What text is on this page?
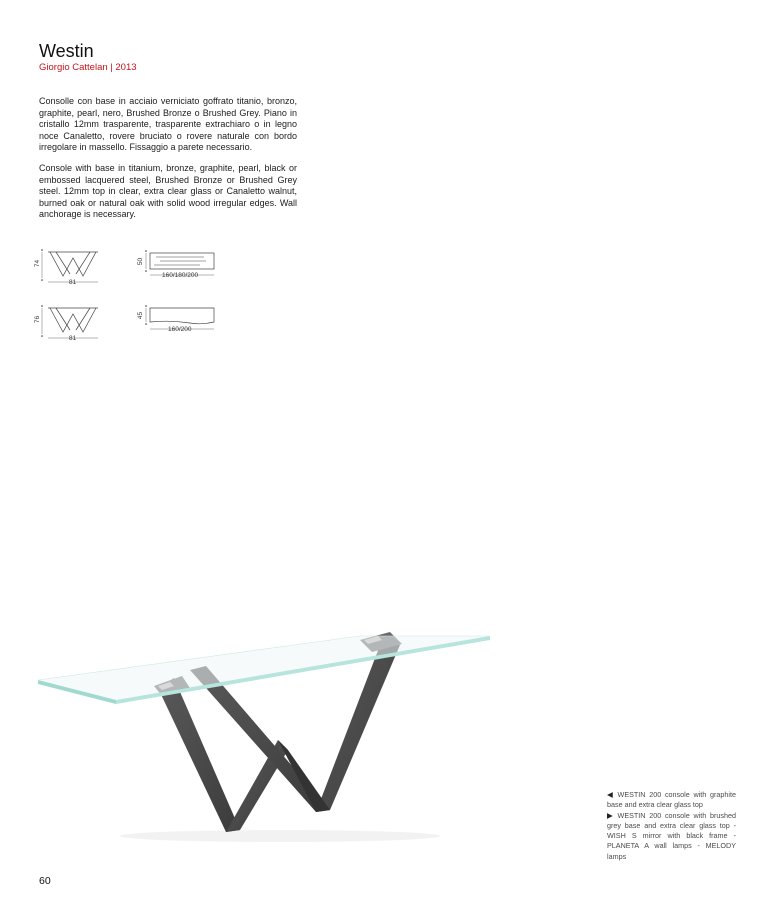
Westin
Giorgio Cattelan | 2013
Consolle con base in acciaio verniciato goffrato titanio, bronzo, graphite, pearl, nero, Brushed Bronze o Brushed Grey. Piano in cristallo 12mm trasparente, trasparente extrachiaro o in legno noce Canaletto, rovere bruciato o rovere naturale con bordo irregolare in massello. Fissaggio a parete necessario.
Console with base in titanium, bronze, graphite, pearl, black or embossed lacquered steel, Brushed Bronze or Brushed Grey steel. 12mm top in clear, extra clear glass or Canaletto walnut, burned oak or natural oak with solid wood irregular edges. Wall anchorage is necessary.
74
81
50
160/180/200
76
81
45
160/200

◀ WESTIN 200 console with graphite base and extra clear glass top

▶ WESTIN 200 console with brushed grey base and extra clear glass top - WISH S mirror with black frame - PLANETA A wall lamps - MELODY lamps

60
